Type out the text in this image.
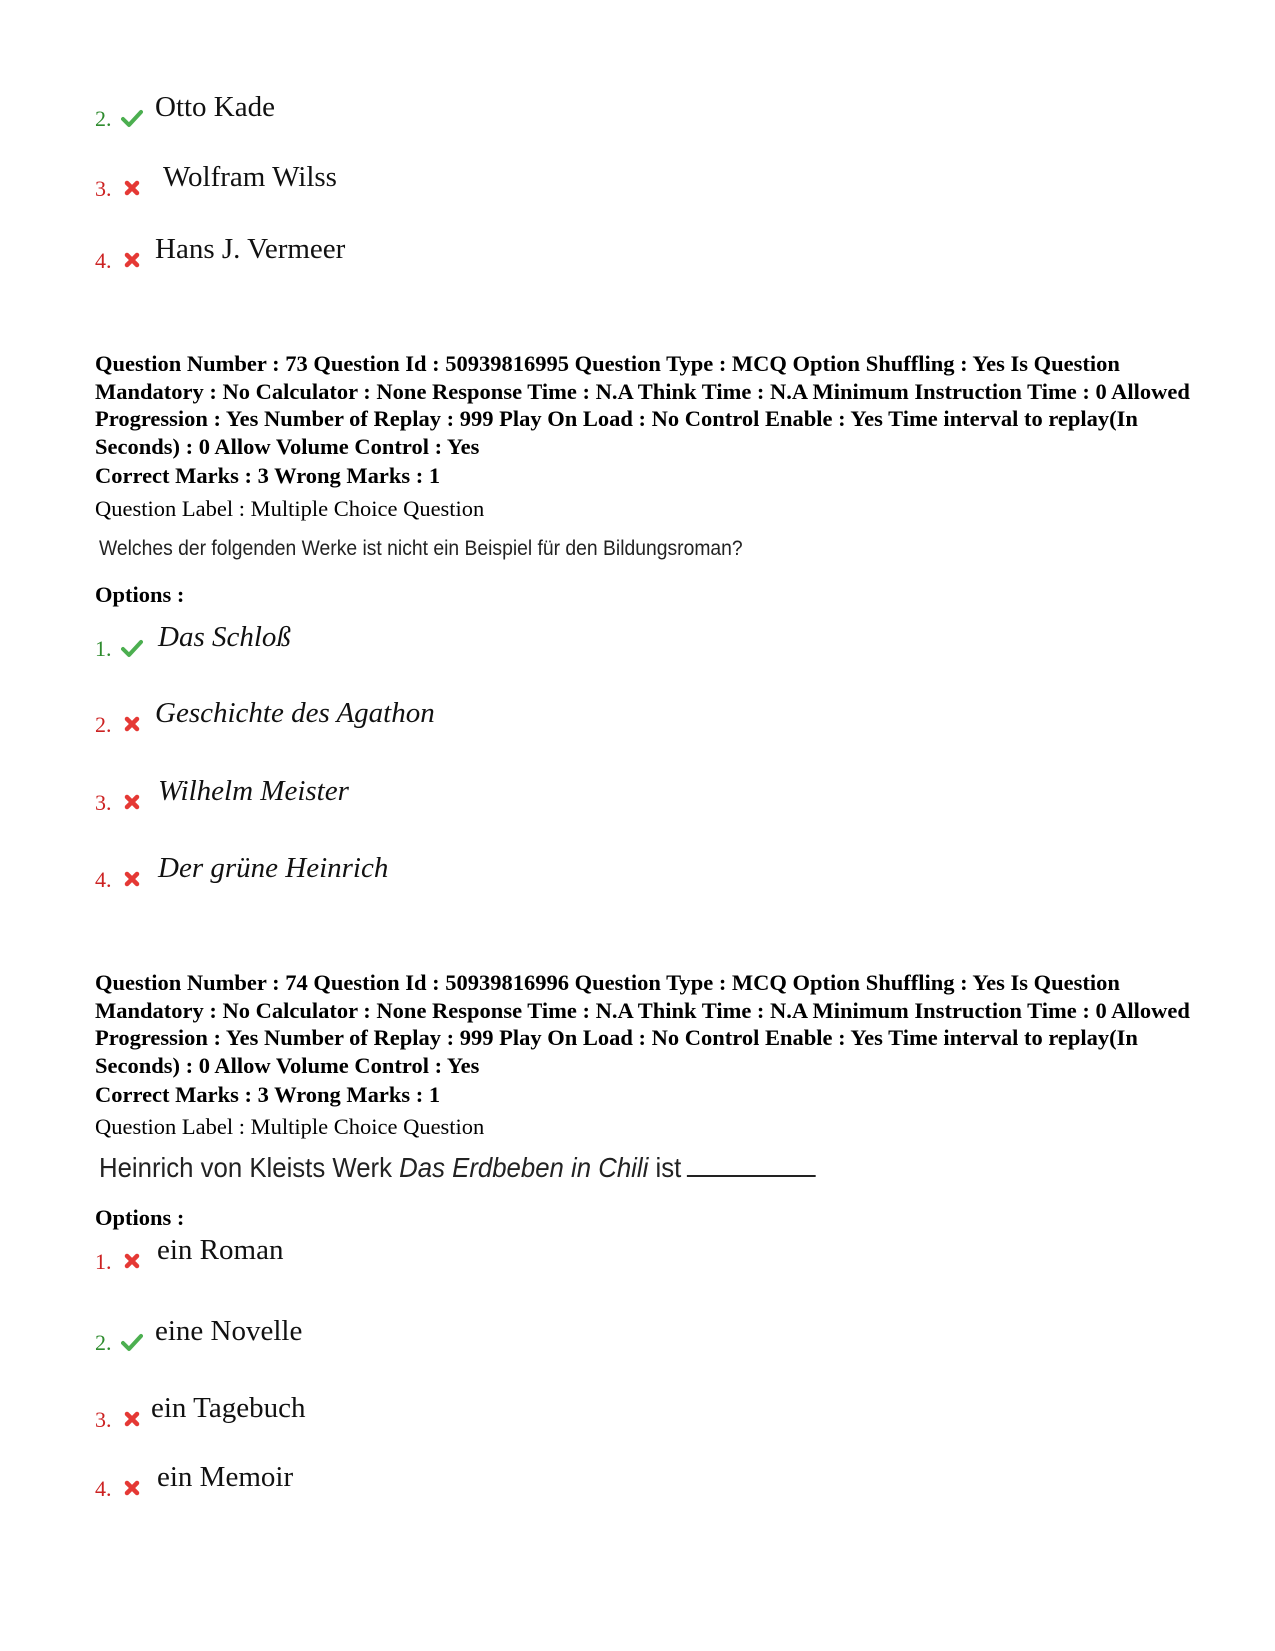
2. Otto Kade
3. Wolfram Wilss
4. Hans J. Vermeer
Question Number : 73 Question Id : 50939816995 Question Type : MCQ Option Shuffling : Yes Is Question Mandatory : No Calculator : None Response Time : N.A Think Time : N.A Minimum Instruction Time : 0 Allowed Progression : Yes Number of Replay : 999 Play On Load : No Control Enable : Yes Time interval to replay(In Seconds) : 0 Allow Volume Control : Yes
Correct Marks : 3 Wrong Marks : 1
Question Label : Multiple Choice Question
Welches der folgenden Werke ist nicht ein Beispiel für den Bildungsroman?
Options :
1. Das Schloß
2. Geschichte des Agathon
3. Wilhelm Meister
4. Der grüne Heinrich
Question Number : 74 Question Id : 50939816996 Question Type : MCQ Option Shuffling : Yes Is Question Mandatory : No Calculator : None Response Time : N.A Think Time : N.A Minimum Instruction Time : 0 Allowed Progression : Yes Number of Replay : 999 Play On Load : No Control Enable : Yes Time interval to replay(In Seconds) : 0 Allow Volume Control : Yes
Correct Marks : 3 Wrong Marks : 1
Question Label : Multiple Choice Question
Heinrich von Kleists Werk Das Erdbeben in Chili ist
Options :
1. ein Roman
2. eine Novelle
3. ein Tagebuch
4. ein Memoir
